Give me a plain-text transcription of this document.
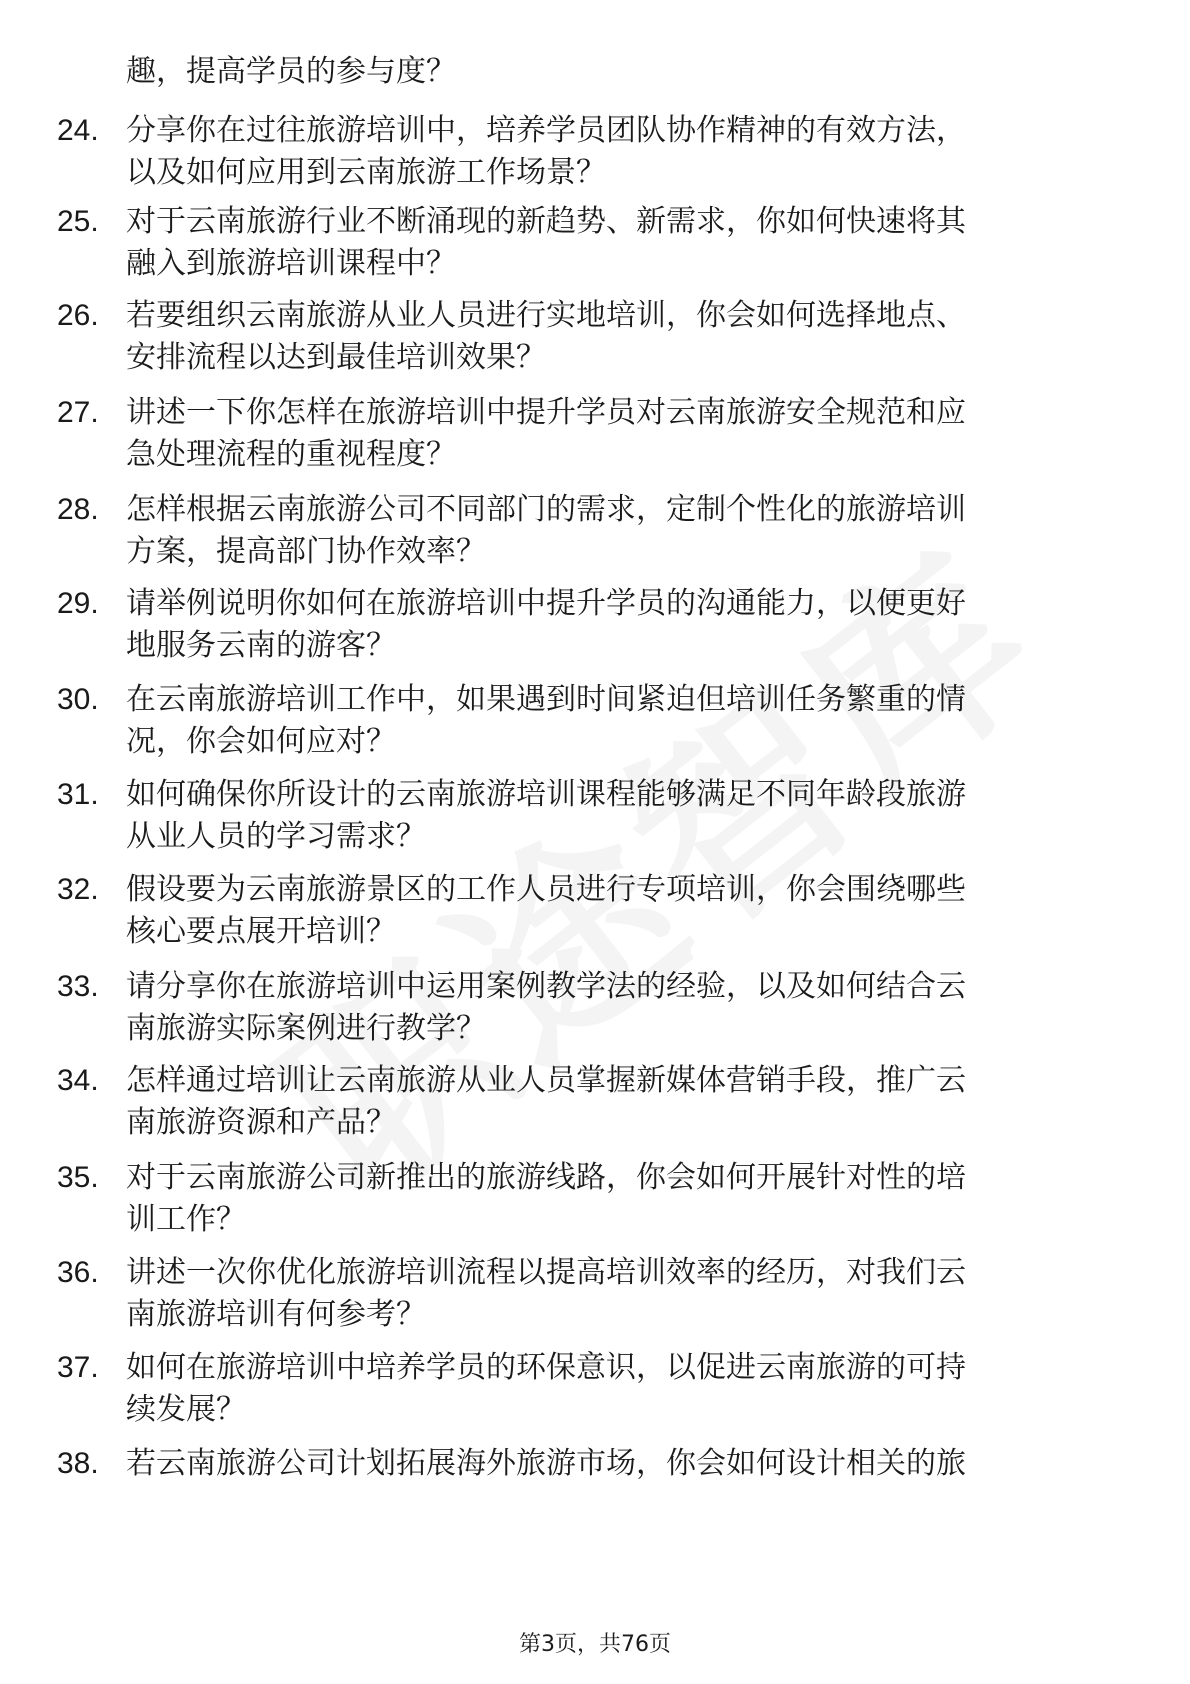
趣，提高学员的参与度？
24. 分享你在过往旅游培训中，培养学员团队协作精神的有效方法，
以及如何应用到云南旅游工作场景？
25. 对于云南旅游行业不断涌现的新趋势、新需求，你如何快速将其
融入到旅游培训课程中？
26. 若要组织云南旅游从业人员进行实地培训，你会如何选择地点、
安排流程以达到最佳培训效果？
27. 讲述一下你怎样在旅游培训中提升学员对云南旅游安全规范和应
急处理流程的重视程度？
28. 怎样根据云南旅游公司不同部门的需求，定制个性化的旅游培训
方案，提高部门协作效率？
29. 请举例说明你如何在旅游培训中提升学员的沟通能力，以便更好
地服务云南的游客？
30. 在云南旅游培训工作中，如果遇到时间紧迫但培训任务繁重的情
况，你会如何应对？
31. 如何确保你所设计的云南旅游培训课程能够满足不同年龄段旅游
从业人员的学习需求？
32. 假设要为云南旅游景区的工作人员进行专项培训，你会围绕哪些
核心要点展开培训？
33. 请分享你在旅游培训中运用案例教学法的经验，以及如何结合云
南旅游实际案例进行教学？
34. 怎样通过培训让云南旅游从业人员掌握新媒体营销手段，推广云
南旅游资源和产品？
35. 对于云南旅游公司新推出的旅游线路，你会如何开展针对性的培
训工作？
36. 讲述一次你优化旅游培训流程以提高培训效率的经历，对我们云
南旅游培训有何参考？
37. 如何在旅游培训中培养学员的环保意识，以促进云南旅游的可持
续发展？
38. 若云南旅游公司计划拓展海外旅游市场，你会如何设计相关的旅
第3页，共76页
